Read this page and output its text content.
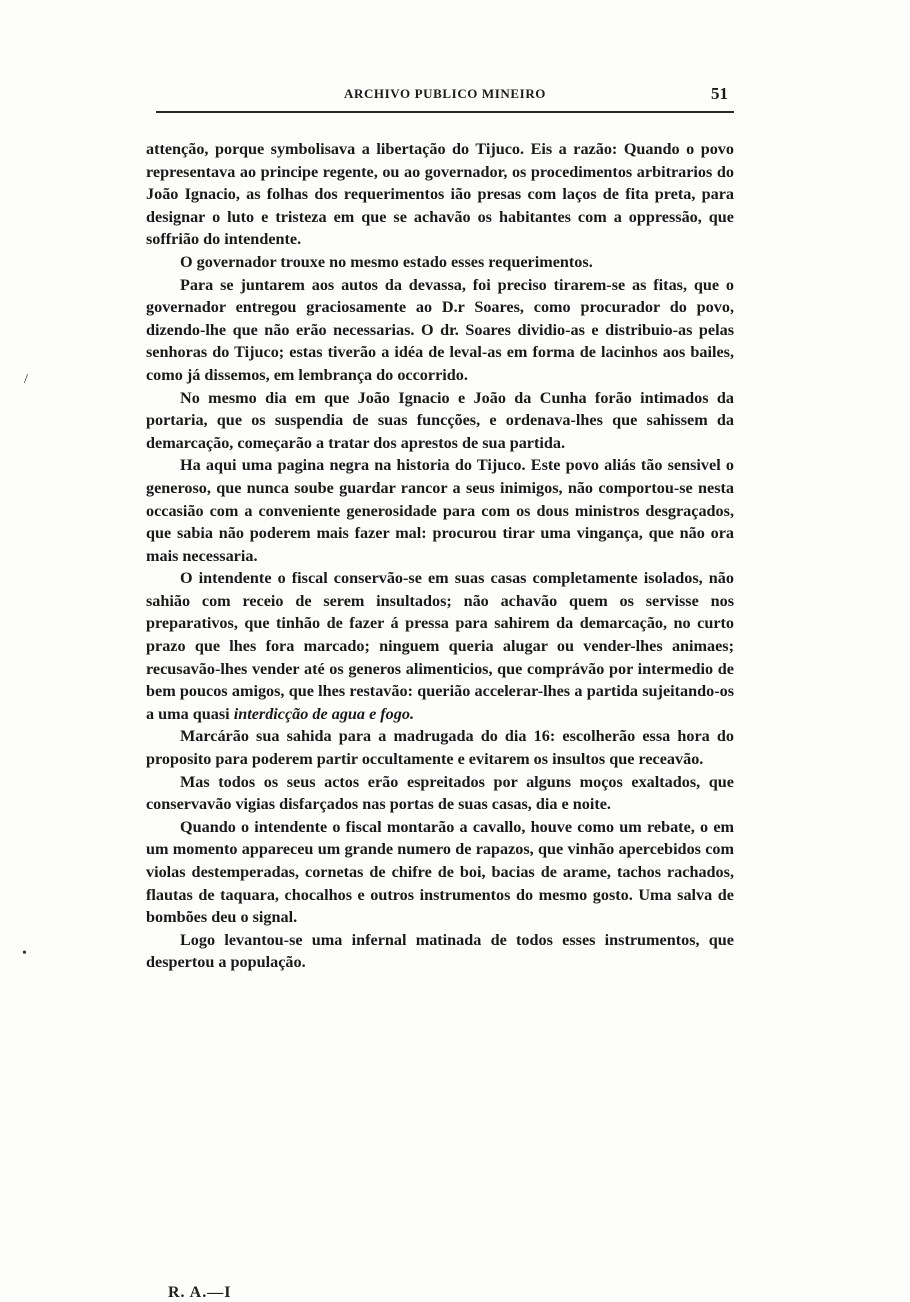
ARCHIVO PUBLICO MINEIRO	51

attenção, porque symbolisava a libertação do Tijuco. Eis a razão: Quando o povo representava ao principe regente, ou ao governador, os procedimentos arbitrarios do João Ignacio, as folhas dos requerimentos ião presas com laços de fita preta, para designar o luto e tristeza em que se achavão os habitantes com a oppressão, que soffrião do intendente.

O governador trouxe no mesmo estado esses requerimentos.

Para se juntarem aos autos da devassa, foi preciso tirarem-se as fitas, que o governador entregou graciosamente ao D.r Soares, como procurador do povo, dizendo-lhe que não erão necessarias. O dr. Soares dividio-as e distribuio-as pelas senhoras do Tijuco; estas tiverão a idéa de leval-as em forma de lacinhos aos bailes, como já dissemos, em lembrança do occorrido.

No mesmo dia em que João Ignacio e João da Cunha forão intimados da portaria, que os suspendia de suas funcções, e ordenava-lhes que sahissem da demarcação, começarão a tratar dos aprestos de sua partida.

Ha aqui uma pagina negra na historia do Tijuco. Este povo aliás tão sensivel o generoso, que nunca soube guardar rancor a seus inimigos, não comportou-se nesta occasião com a conveniente generosidade para com os dous ministros desgraçados, que sabia não poderem mais fazer mal: procurou tirar uma vingança, que não ora mais necessaria.

O intendente o fiscal conservão-se em suas casas completamente isolados, não sahião com receio de serem insultados; não achavão quem os servisse nos preparativos, que tinhão de fazer á pressa para sahirem da demarcação, no curto prazo que lhes fora marcado; ninguem queria alugar ou vender-lhes animaes; recusavão-lhes vender até os generos alimenticios, que comprávão por intermedio de bem poucos amigos, que lhes restavão: querião accelerar-lhes a partida sujeitando-os a uma quasi interdicção de agua e fogo.

Marcárão sua sahida para a madrugada do dia 16: escolherão essa hora do proposito para poderem partir occultamente e evitarem os insultos que receavão.

Mas todos os seus actos erão espreitados por alguns moços exaltados, que conservavão vigias disfarçados nas portas de suas casas, dia e noite.

Quando o intendente o fiscal montarão a cavallo, houve como um rebate, o em um momento appareceu um grande numero de rapazos, que vinhão apercebidos com violas destemperadas, cornetas de chifre de boi, bacias de arame, tachos rachados, flautas de taquara, chocalhos e outros instrumentos do mesmo gosto. Uma salva de bombões deu o signal.

Logo levantou-se uma infernal matinada de todos esses instrumentos, que despertou a população.

R. A.—I
/
•
